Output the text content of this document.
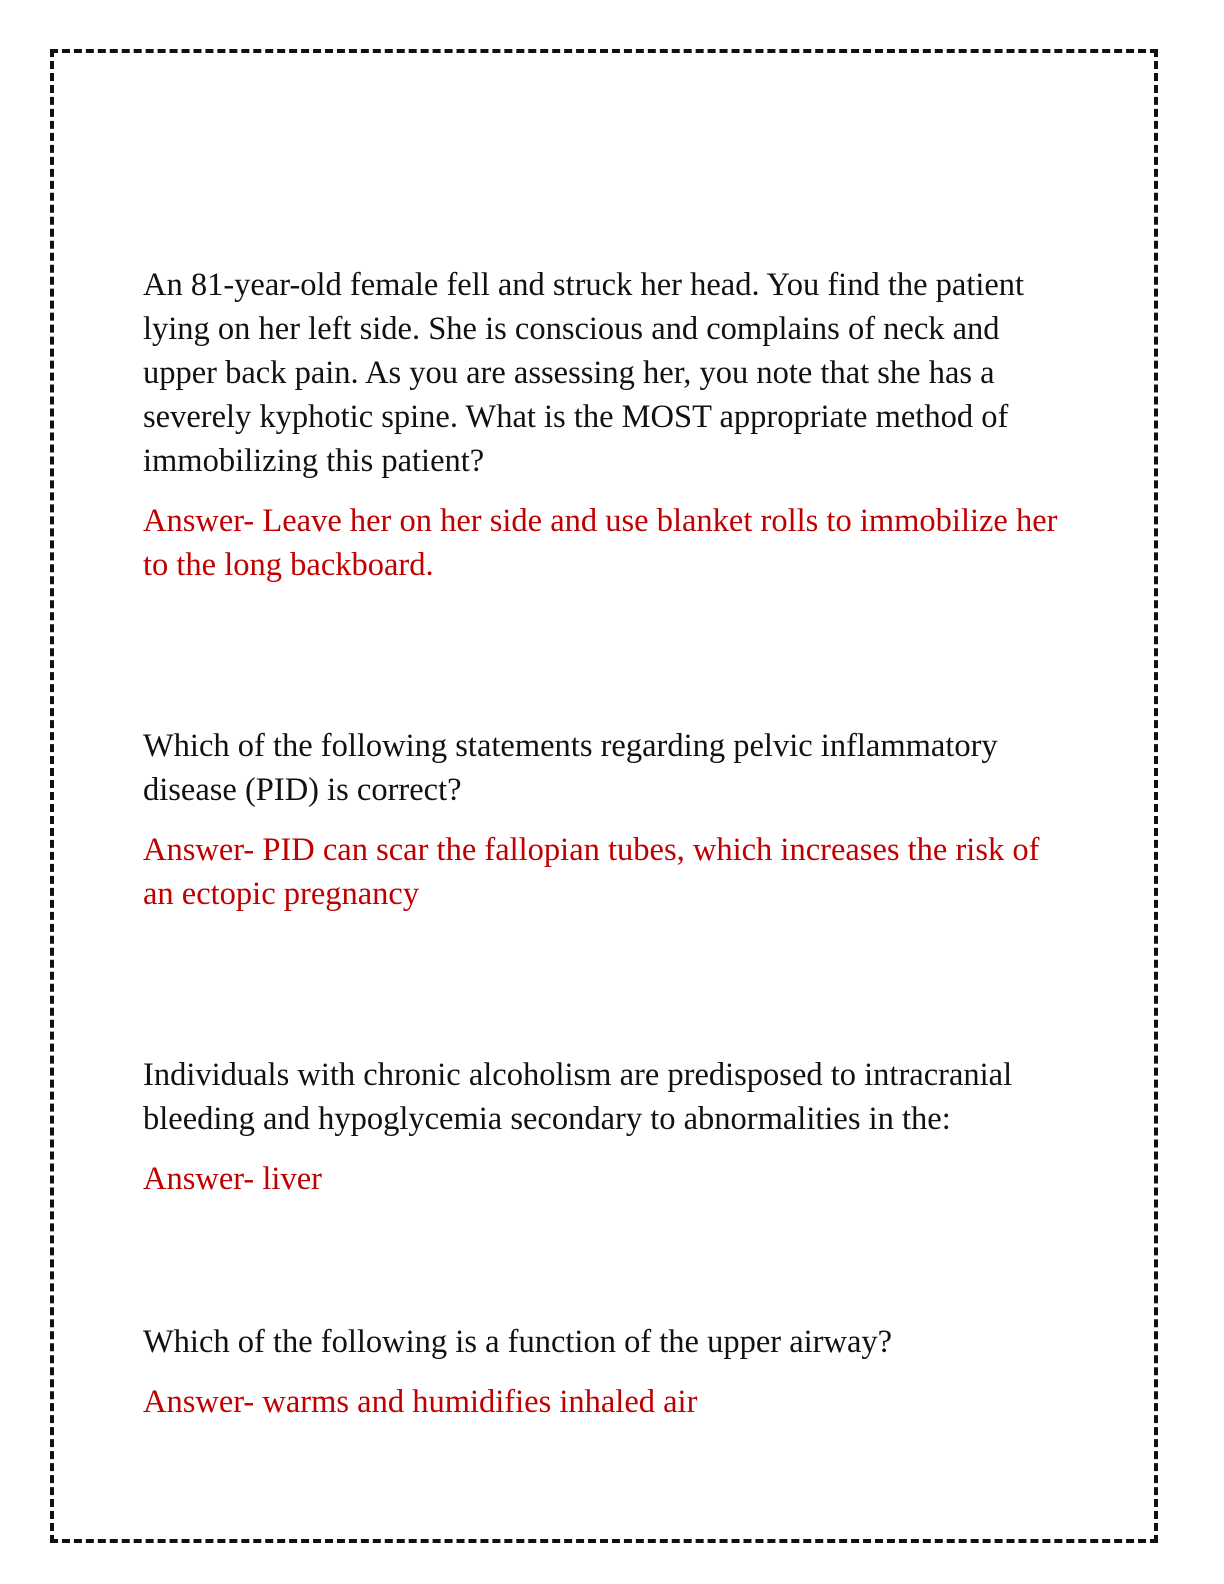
An 81-year-old female fell and struck her head. You find the patient lying on her left side. She is conscious and complains of neck and upper back pain. As you are assessing her, you note that she has a severely kyphotic spine. What is the MOST appropriate method of immobilizing this patient?

Answer- Leave her on her side and use blanket rolls to immobilize her to the long backboard.

Which of the following statements regarding pelvic inflammatory disease (PID) is correct?

Answer- PID can scar the fallopian tubes, which increases the risk of an ectopic pregnancy

Individuals with chronic alcoholism are predisposed to intracranial bleeding and hypoglycemia secondary to abnormalities in the:

Answer- liver

Which of the following is a function of the upper airway?

Answer- warms and humidifies inhaled air
